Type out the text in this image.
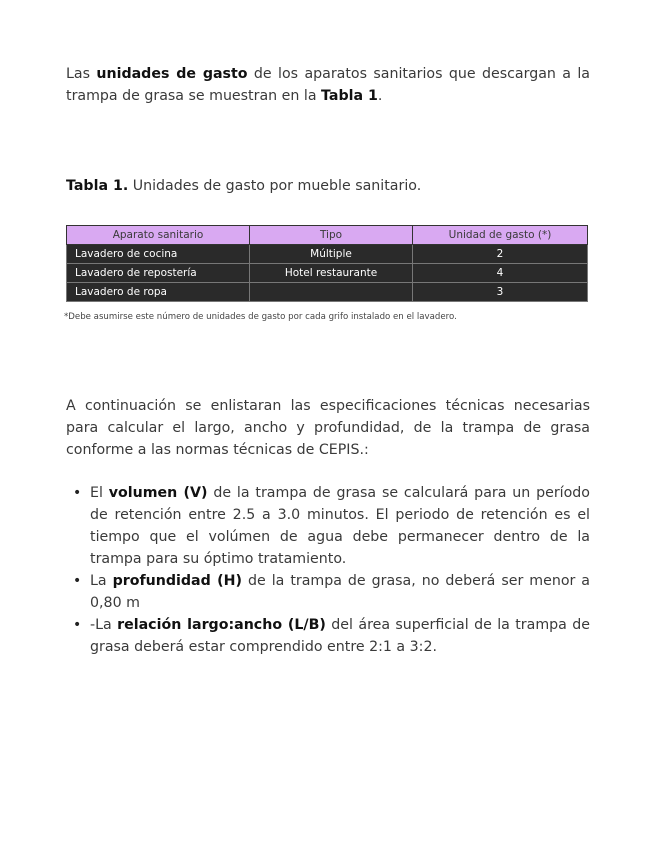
Las unidades de gasto de los aparatos sanitarios que descargan a la trampa de grasa se muestran en la Tabla 1.

Tabla 1. Unidades de gasto por mueble sanitario.
Aparato sanitario	Tipo	Unidad de gasto (*)
Lavadero de cocina	Múltiple	2
Lavadero de repostería	Hotel restaurante	4
Lavadero de ropa		3
*Debe asumirse este número de unidades de gasto por cada grifo instalado en el lavadero.

A continuación se enlistaran las especificaciones técnicas necesarias para calcular el largo, ancho y profundidad, de la trampa de grasa conforme a las normas técnicas de CEPIS.:

• El volumen (V) de la trampa de grasa se calculará para un período de retención entre 2.5 a 3.0 minutos. El periodo de retención es el tiempo que el volúmen de agua debe permanecer dentro de la trampa para su óptimo tratamiento.
• La profundidad (H) de la trampa de grasa, no deberá ser menor a 0,80 m
• -La relación largo:ancho (L/B) del área superficial de la trampa de grasa deberá estar comprendido entre 2:1 a 3:2.
